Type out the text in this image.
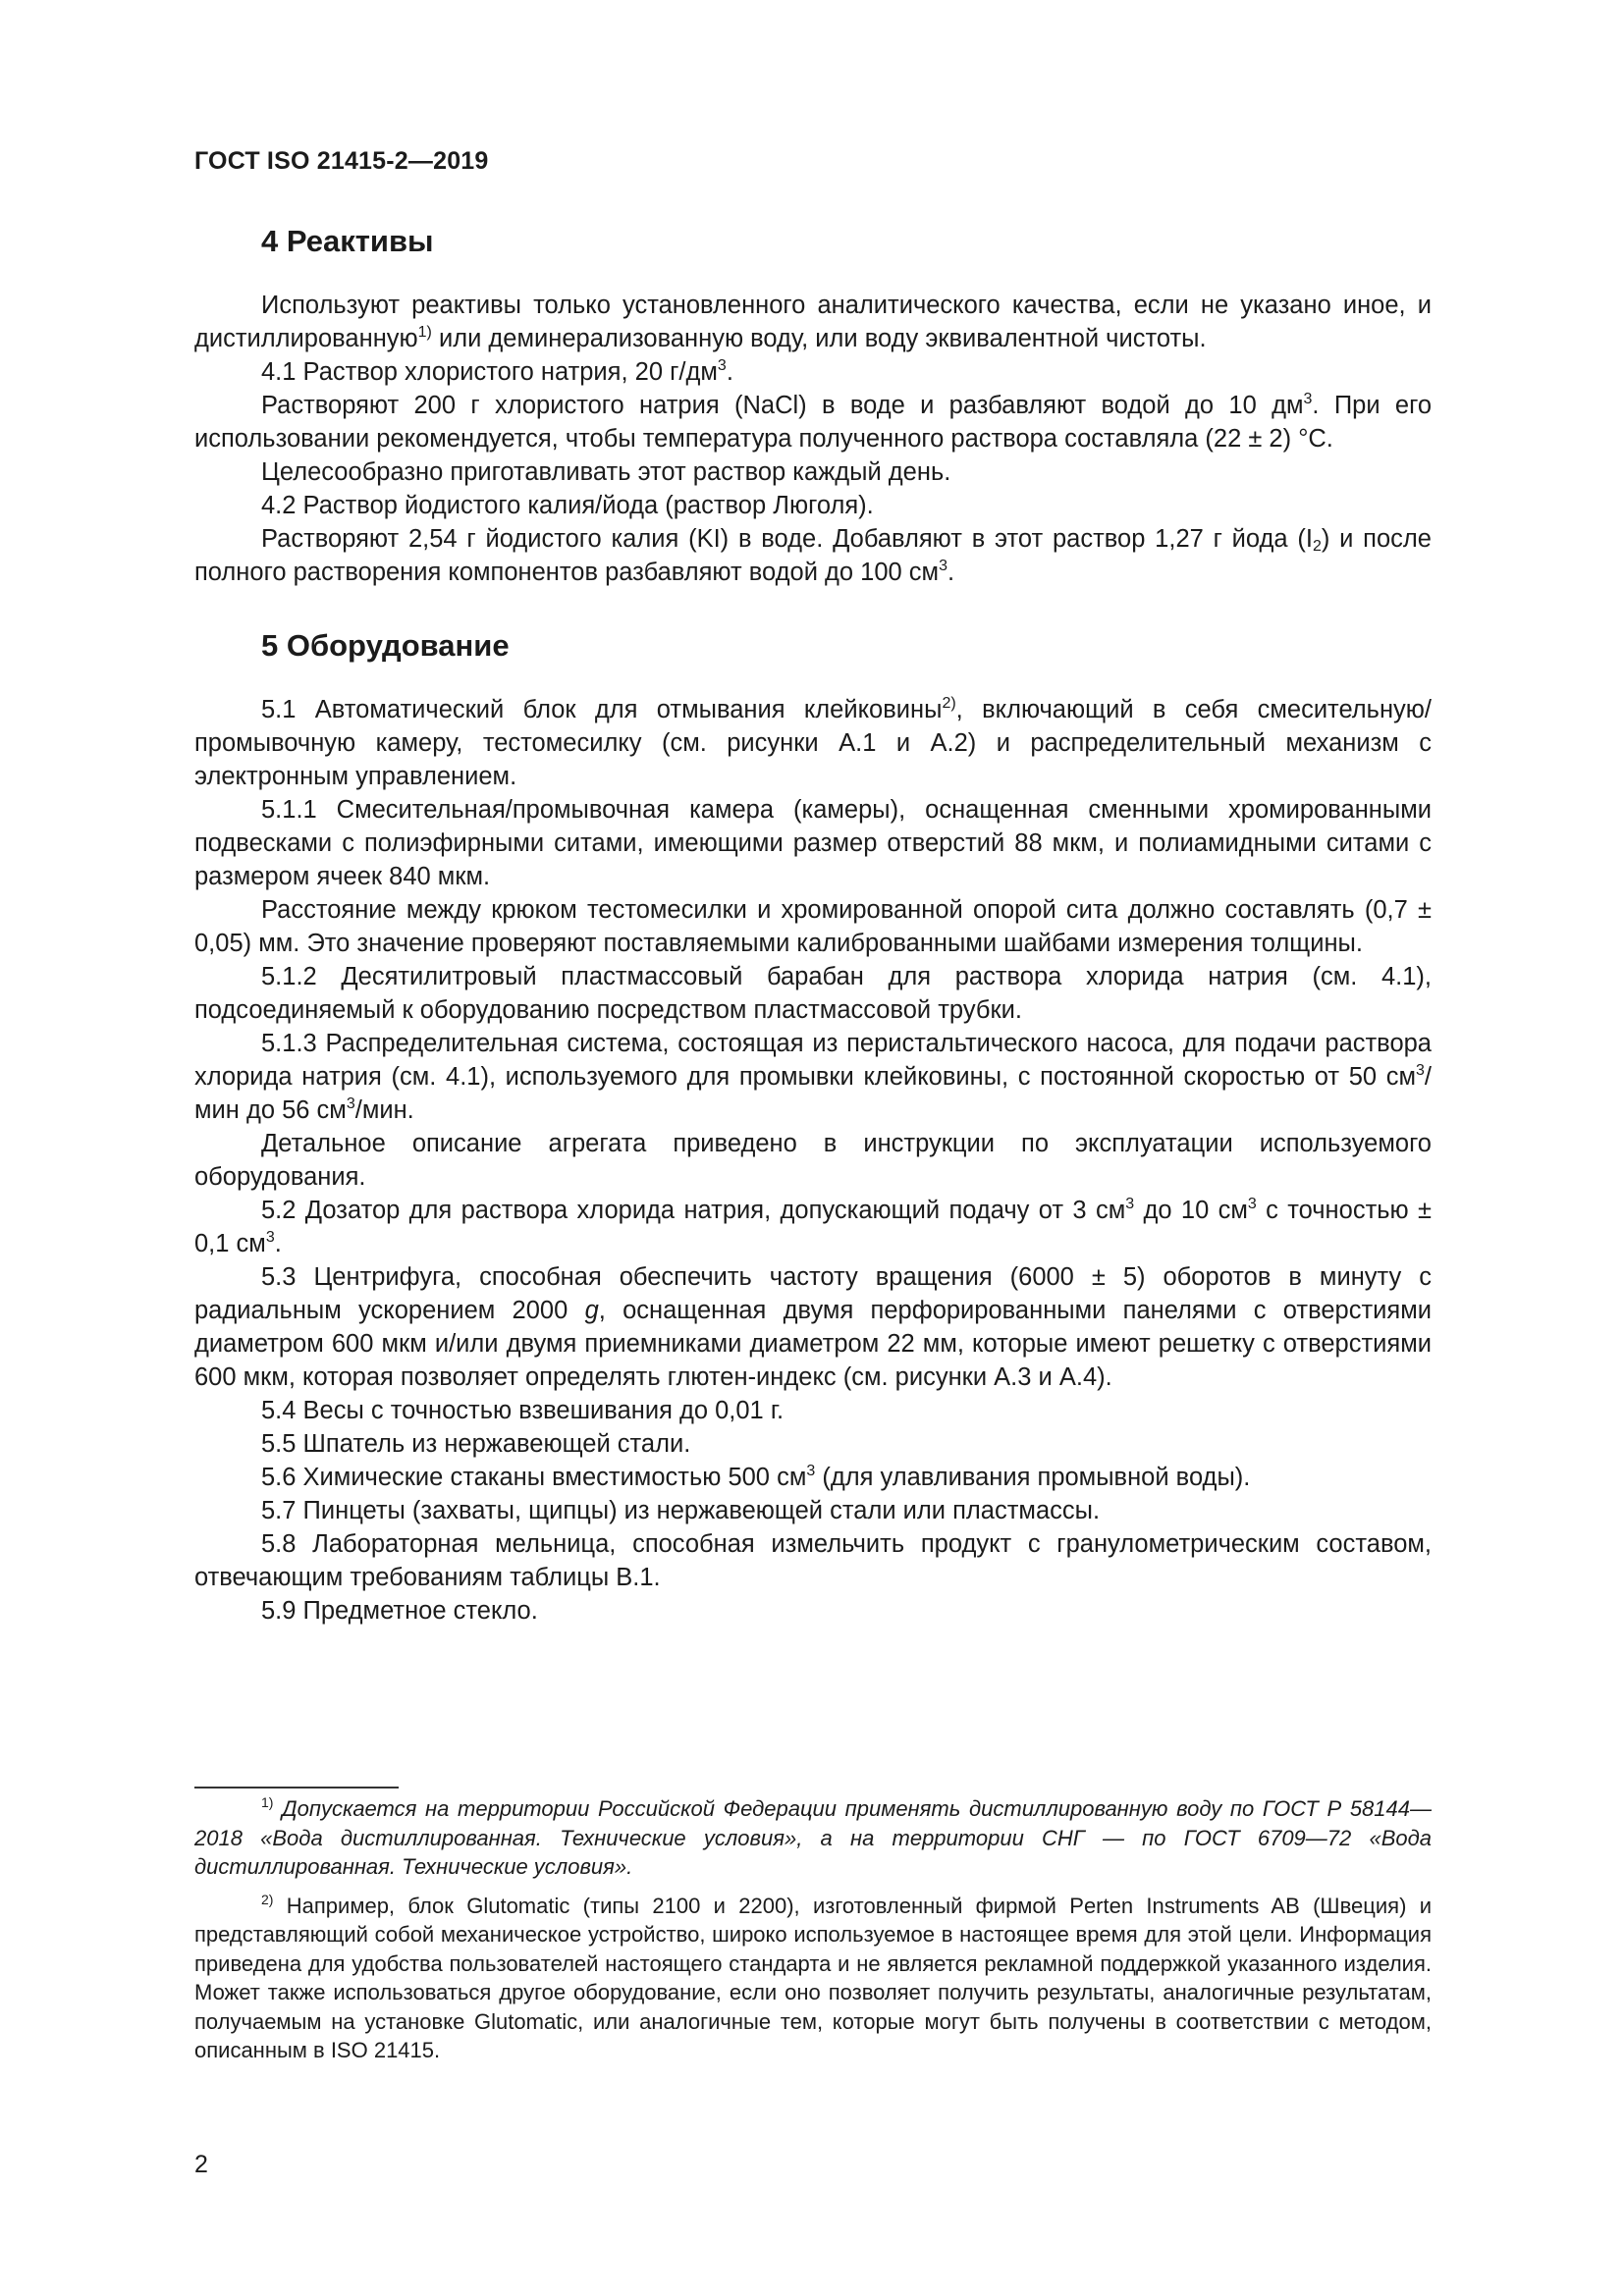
ГОСТ ISO 21415-2—2019
4 Реактивы

Используют реактивы только установленного аналитического качества, если не указано иное, и дистиллированную$^{1)}$ или деминерализованную воду, или воду эквивалентной чистоты.

4.1 Раствор хлористого натрия, 20 $г/дм^3$.

Растворяют 200 г хлористого натрия (NaCl) в воде и разбавляют водой до 10 $дм^3$. При его использовании рекомендуется, чтобы температура полученного раствора составляла (22 ± 2) °C.

Целесообразно приготавливать этот раствор каждый день.

4.2 Раствор йодистого калия/йода (раствор Люголя).

Растворяют 2,54 г йодистого калия (KI) в воде. Добавляют в этот раствор 1,27 г йода $(I_2)$ и после полного растворения компонентов разбавляют водой до 100 $см^3$.

5 Оборудование

5.1 Автоматический блок для отмывания клейковины$^{2)}$, включающий в себя смесительную/промывочную камеру, тестомесилку (см. рисунки А.1 и А.2) и распределительный механизм с электронным управлением.

5.1.1 Смесительная/промывочная камера (камеры), оснащенная сменными хромированными подвесками с полиэфирными ситами, имеющими размер отверстий 88 мкм, и полиамидными ситами с размером ячеек 840 мкм.

Расстояние между крюком тестомесилки и хромированной опорой сита должно составлять (0,7 ± 0,05) мм. Это значение проверяют поставляемыми калиброванными шайбами измерения толщины.

5.1.2 Десятилитровый пластмассовый барабан для раствора хлорида натрия (см. 4.1), подсоединяемый к оборудованию посредством пластмассовой трубки.

5.1.3 Распределительная система, состоящая из перистальтического насоса, для подачи раствора хлорида натрия (см. 4.1), используемого для промывки клейковины, с постоянной скоростью от 50 $см^3$/мин до 56 $см^3$/мин.

Детальное описание агрегата приведено в инструкции по эксплуатации используемого оборудования.

5.2 Дозатор для раствора хлорида натрия, допускающий подачу от 3 $см^3$ до 10 $см^3$ с точностью ± 0,1 $см^3$.

5.3 Центрифуга, способная обеспечить частоту вращения (6000 ± 5) оборотов в минуту с радиальным ускорением 2000 g, оснащенная двумя перфорированными панелями с отверстиями диаметром 600 мкм и/или двумя приемниками диаметром 22 мм, которые имеют решетку с отверстиями 600 мкм, которая позволяет определять глютен-индекс (см. рисунки А.3 и А.4).

5.4 Весы с точностью взвешивания до 0,01 г.

5.5 Шпатель из нержавеющей стали.

5.6 Химические стаканы вместимостью 500 $см^3$ (для улавливания промывной воды).

5.7 Пинцеты (захваты, щипцы) из нержавеющей стали или пластмассы.

5.8 Лабораторная мельница, способная измельчить продукт с гранулометрическим составом, отвечающим требованиям таблицы В.1.

5.9 Предметное стекло.

$^{1)}$ Допускается на территории Российской Федерации применять дистиллированную воду по ГОСТ Р 58144—2018 «Вода дистиллированная. Технические условия», а на территории СНГ — по ГОСТ 6709—72 «Вода дистиллированная. Технические условия».

$^{2)}$ Например, блок Glutomatic (типы 2100 и 2200), изготовленный фирмой Perten Instruments AB (Швеция) и представляющий собой механическое устройство, широко используемое в настоящее время для этой цели. Информация приведена для удобства пользователей настоящего стандарта и не является рекламной поддержкой указанного изделия. Может также использоваться другое оборудование, если оно позволяет получить результаты, аналогичные результатам, получаемым на установке Glutomatic, или аналогичные тем, которые могут быть получены в соответствии с методом, описанным в ISO 21415.

2
